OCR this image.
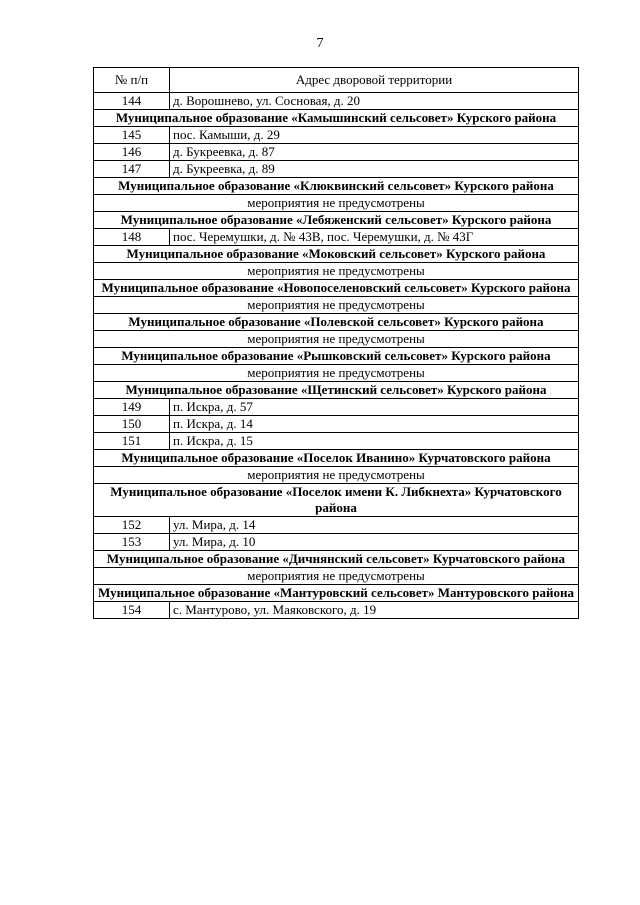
7
№ п/п	Адрес дворовой территории
144	д. Ворошнево, ул. Сосновая, д. 20
Муниципальное образование «Камышинский сельсовет» Курского района	
145	пос. Камыши, д. 29
146	д. Букреевка, д. 87
147	д. Букреевка, д. 89
Муниципальное образование «Клюквинский сельсовет» Курского района	
мероприятия не предусмотрены	
Муниципальное образование «Лебяженский сельсовет» Курского района	
148	пос. Черемушки, д. № 43В, пос. Черемушки, д. № 43Г
Муниципальное образование «Моковский сельсовет» Курского района	
мероприятия не предусмотрены	
Муниципальное образование «Новопоселеновский сельсовет» Курского района	
мероприятия не предусмотрены	
Муниципальное образование «Полевской сельсовет» Курского района	
мероприятия не предусмотрены	
Муниципальное образование «Рышковский сельсовет» Курского района	
мероприятия не предусмотрены	
Муниципальное образование «Щетинский сельсовет» Курского района	
149	п. Искра, д. 57
150	п. Искра, д. 14
151	п. Искра, д. 15
Муниципальное образование «Поселок Иванино» Курчатовского района	
мероприятия не предусмотрены	
Муниципальное образование «Поселок имени К. Либкнехта» Курчатовского района	
152	ул. Мира, д. 14
153	ул. Мира, д. 10
Муниципальное образование «Дичнянский сельсовет» Курчатовского района	
мероприятия не предусмотрены	
Муниципальное образование «Мантуровский сельсовет» Мантуровского района	
154	с. Мантурово, ул. Маяковского, д. 19
